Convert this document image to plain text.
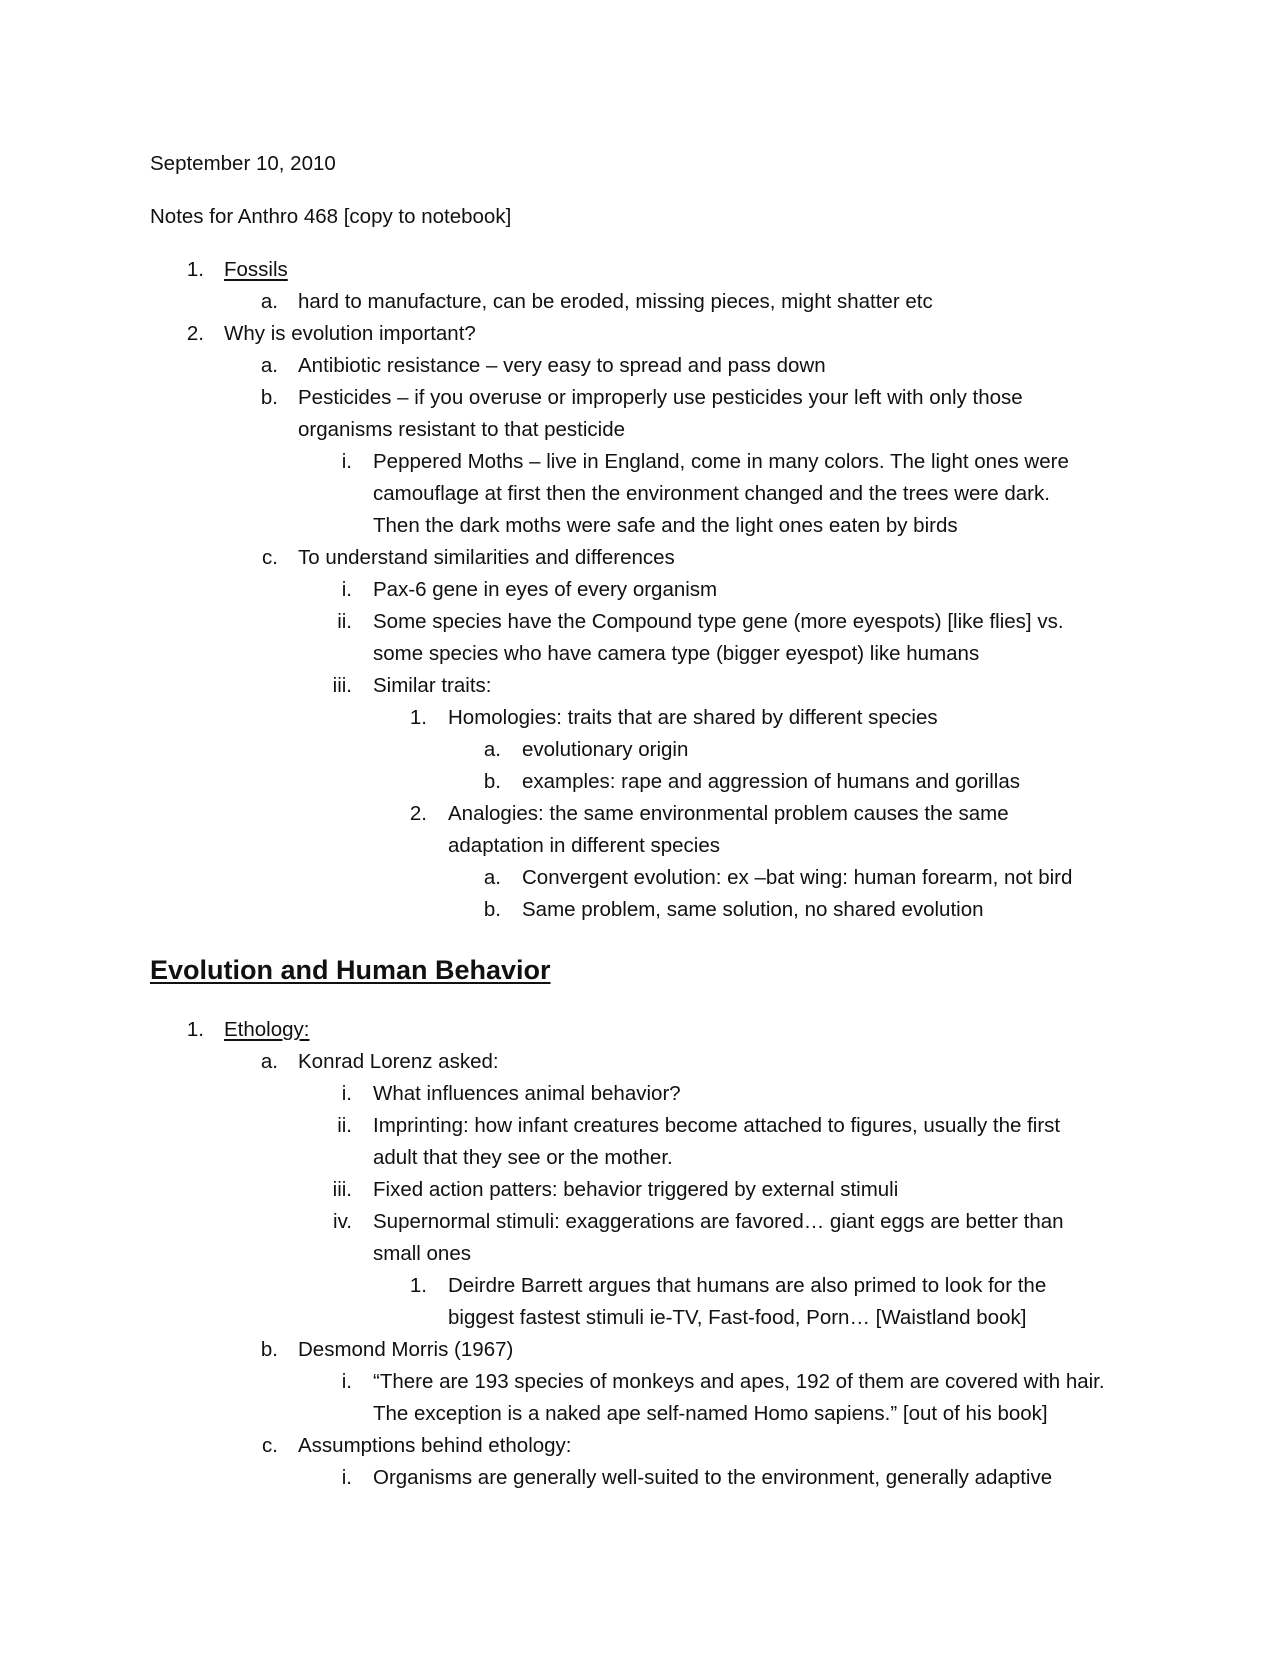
September 10, 2010
Notes for Anthro 468 [copy to notebook]
1. Fossils
a. hard to manufacture, can be eroded, missing pieces, might shatter etc
2. Why is evolution important?
a. Antibiotic resistance – very easy to spread and pass down
b. Pesticides – if you overuse or improperly use pesticides your left with only those
organisms resistant to that pesticide
i. Peppered Moths – live in England, come in many colors. The light ones were
camouflage at first then the environment changed and the trees were dark.
Then the dark moths were safe and the light ones eaten by birds
c. To understand similarities and differences
i. Pax-6 gene in eyes of every organism
ii. Some species have the Compound type gene (more eyespots) [like flies] vs.
some species who have camera type (bigger eyespot) like humans
iii. Similar traits:
1. Homologies: traits that are shared by different species
a. evolutionary origin
b. examples: rape and aggression of humans and gorillas
2. Analogies: the same environmental problem causes the same
adaptation in different species
a. Convergent evolution: ex –bat wing: human forearm, not bird
b. Same problem, same solution, no shared evolution
Evolution and Human Behavior
1. Ethology:
a. Konrad Lorenz asked:
i. What influences animal behavior?
ii. Imprinting: how infant creatures become attached to figures, usually the first
adult that they see or the mother.
iii. Fixed action patters: behavior triggered by external stimuli
iv. Supernormal stimuli: exaggerations are favored… giant eggs are better than
small ones
1. Deirdre Barrett argues that humans are also primed to look for the
biggest fastest stimuli ie-TV, Fast-food, Porn… [Waistland book]
b. Desmond Morris (1967)
i. “There are 193 species of monkeys and apes, 192 of them are covered with hair.
The exception is a naked ape self-named Homo sapiens.” [out of his book]
c. Assumptions behind ethology:
i. Organisms are generally well-suited to the environment, generally adaptive
